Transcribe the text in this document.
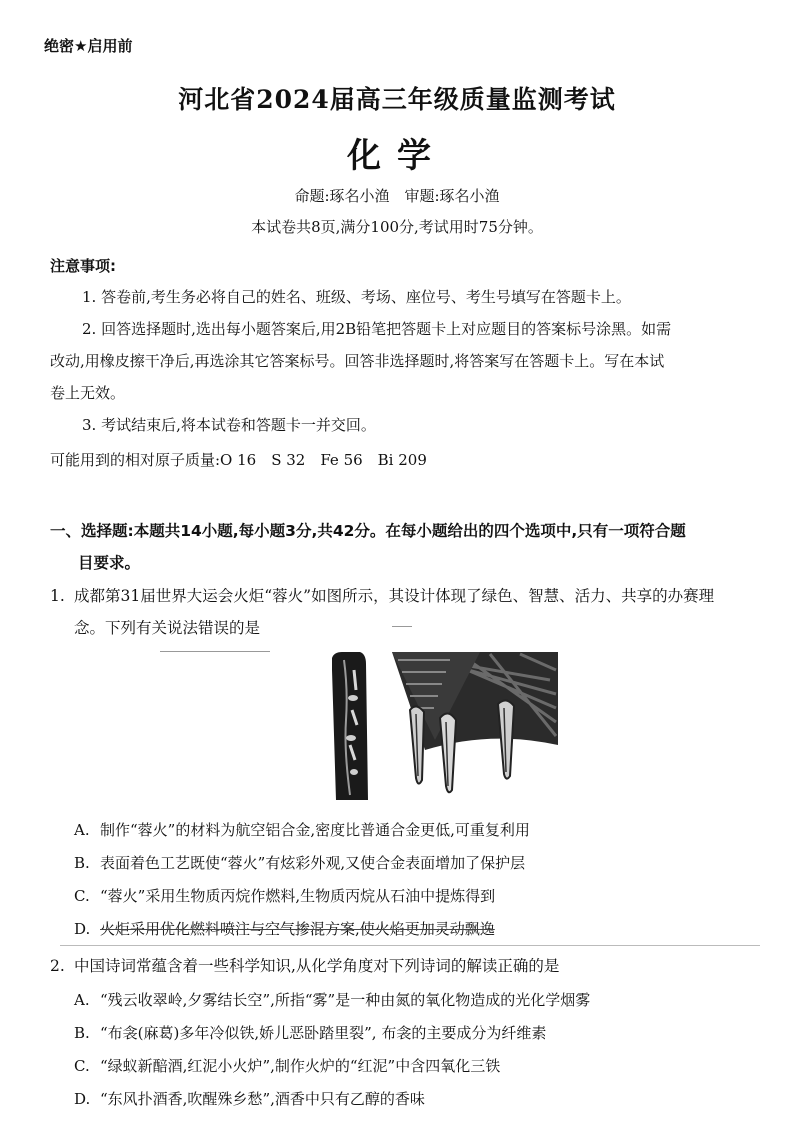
绝密★启用前
河北省2024届高三年级质量监测考试
化学
命题:琢名小渔　审题:琢名小渔
本试卷共8页,满分100分,考试用时75分钟。
注意事项:
1. 答卷前,考生务必将自己的姓名、班级、考场、座位号、考生号填写在答题卡上。
2. 回答选择题时,选出每小题答案后,用2B铅笔把答题卡上对应题目的答案标号涂黑。如需
改动,用橡皮擦干净后,再选涂其它答案标号。回答非选择题时,将答案写在答题卡上。写在本试
卷上无效。
3. 考试结束后,将本试卷和答题卡一并交回。
可能用到的相对原子质量:O 16　S 32　Fe 56　Bi 209
一、选择题:本题共14小题,每小题3分,共42分。在每小题给出的四个选项中,只有一项符合题
目要求。
1. 成都第31届世界大运会火炬“蓉火”如图所示，其设计体现了绿色、智慧、活力、共享的办赛理
念。下列有关说法错误的是
A. 制作“蓉火”的材料为航空铝合金,密度比普通合金更低,可重复利用
B. 表面着色工艺既使“蓉火”有炫彩外观,又使合金表面增加了保护层
C. “蓉火”采用生物质丙烷作燃料,生物质丙烷从石油中提炼得到
D. 火炬采用优化燃料喷注与空气掺混方案,使火焰更加灵动飘逸
2. 中国诗词常蕴含着一些科学知识,从化学角度对下列诗词的解读正确的是
A. “残云收翠岭,夕雾结长空”,所指“雾”是一种由氮的氧化物造成的光化学烟雾
B. “布衾(麻葛)多年冷似铁,娇儿恶卧踏里裂”, 布衾的主要成分为纤维素
C. “绿蚁新醅酒,红泥小火炉”,制作火炉的“红泥”中含四氧化三铁
D. “东风扑酒香,吹醒殊乡愁”,酒香中只有乙醇的香味
